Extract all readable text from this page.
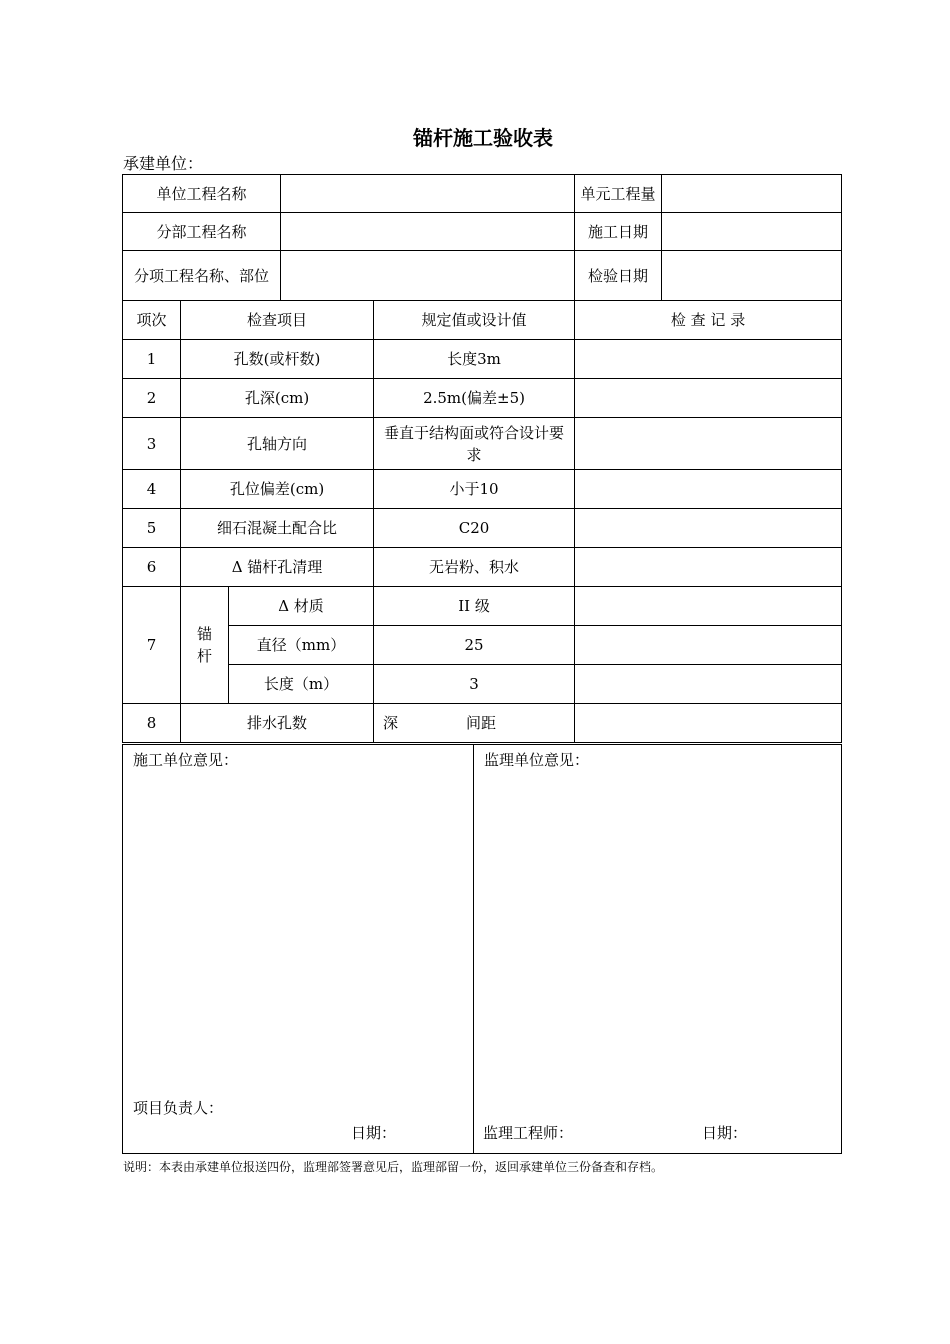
锚杆施工验收表
承建单位：
单位工程名称					单元工程量	
分部工程名称					施工日期	
分项工程名称、部位					检验日期	
项次	检查项目			规定值或设计值	检 查 记 录	
1	孔数(或杆数)			长度3m		
2	孔深(cm)			2.5m(偏差±5)		
3	孔轴方向			垂直于结构面或符合设计要求		
4	孔位偏差(cm)			小于10		
5	细石混凝土配合比			C20		
6	Δ 锚杆孔清理			无岩粉、积水		
7	锚杆	Δ 材质		II 级		
		直径（mm）		25		
		长度（m）		3		
8	排水孔数			深 间距		
施工单位意见：
项目负责人：
日期：

监理单位意见：
监理工程师：	日期：
说明：本表由承建单位报送四份，监理部签署意见后，监理部留一份，返回承建单位三份备查和存档。
